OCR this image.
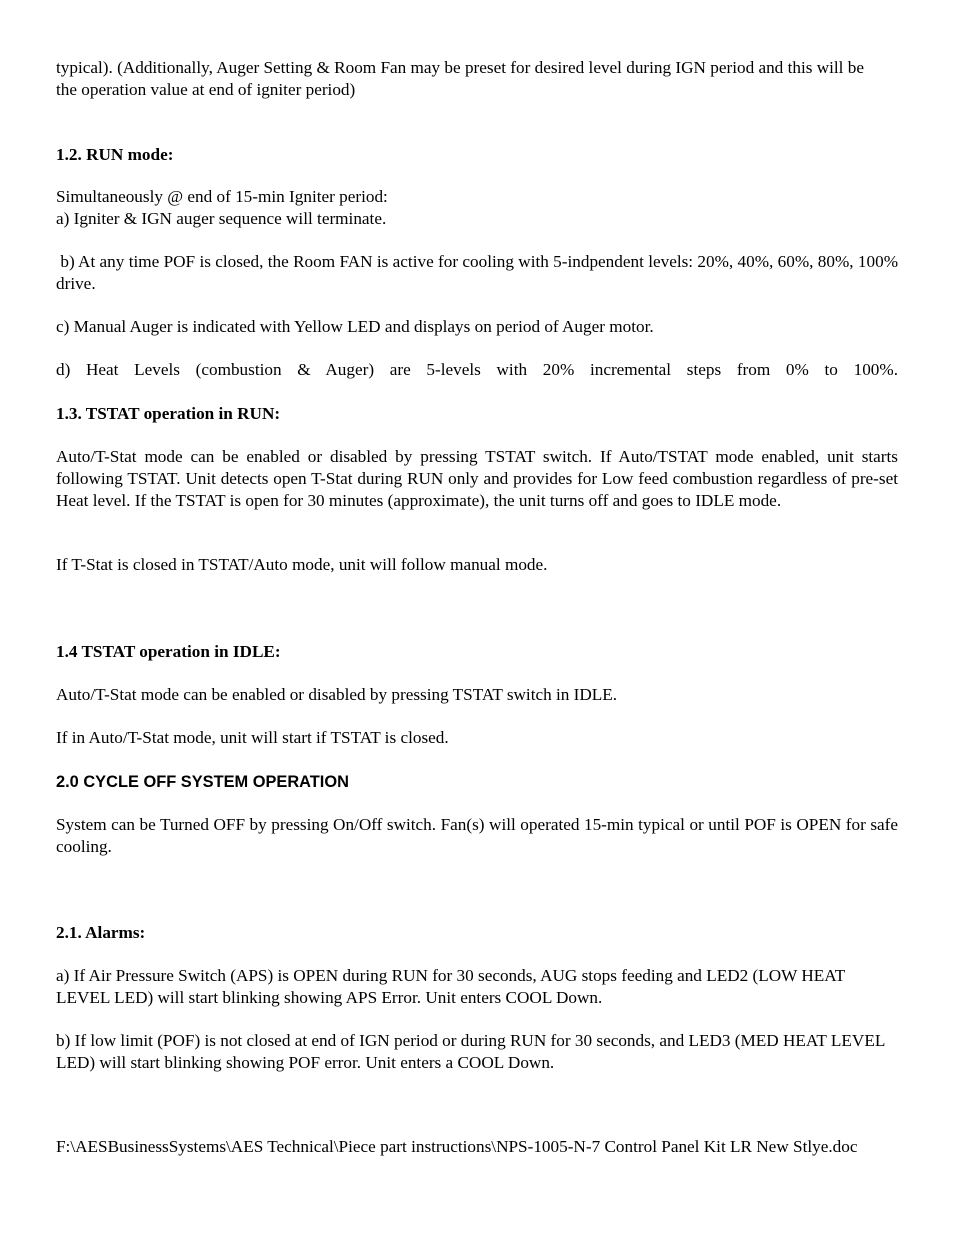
typical). (Additionally, Auger Setting & Room Fan may be preset for desired level during IGN period and this will be the operation value at end of igniter period)

1.2. RUN mode:

Simultaneously @ end of 15-min Igniter period:

a) Igniter & IGN auger sequence will terminate.

b) At any time POF is closed, the Room FAN is active for cooling with 5-indpendent levels: 20%, 40%, 60%, 80%, 100% drive.

c) Manual Auger is indicated with Yellow LED and displays on period of Auger motor.

d) Heat Levels (combustion & Auger) are 5-levels with 20% incremental steps from 0% to 100%.

1.3. TSTAT operation in RUN:

Auto/T-Stat mode can be enabled or disabled by pressing TSTAT switch. If Auto/TSTAT mode enabled, unit starts following TSTAT. Unit detects open T-Stat during RUN only and provides for Low feed combustion regardless of pre-set Heat level. If the TSTAT is open for 30 minutes (approximate), the unit turns off and goes to IDLE mode.

If T-Stat is closed in TSTAT/Auto mode, unit will follow manual mode.

1.4 TSTAT operation in IDLE:

Auto/T-Stat mode can be enabled or disabled by pressing TSTAT switch in IDLE.

If in Auto/T-Stat mode, unit will start if TSTAT is closed.

2.0 CYCLE OFF SYSTEM OPERATION

System can be Turned OFF by pressing On/Off switch. Fan(s) will operated 15-min typical or until POF is OPEN for safe cooling.

2.1. Alarms:

a) If Air Pressure Switch (APS) is OPEN during RUN for 30 seconds, AUG stops feeding and LED2 (LOW HEAT LEVEL LED) will start blinking showing APS Error. Unit enters COOL Down.

b) If low limit (POF) is not closed at end of IGN period or during RUN for 30 seconds, and LED3 (MED HEAT LEVEL LED) will start blinking showing POF error. Unit enters a COOL Down.

F:\AESBusinessSystems\AES Technical\Piece part instructions\NPS-1005-N-7 Control Panel Kit LR New Stlye.doc
